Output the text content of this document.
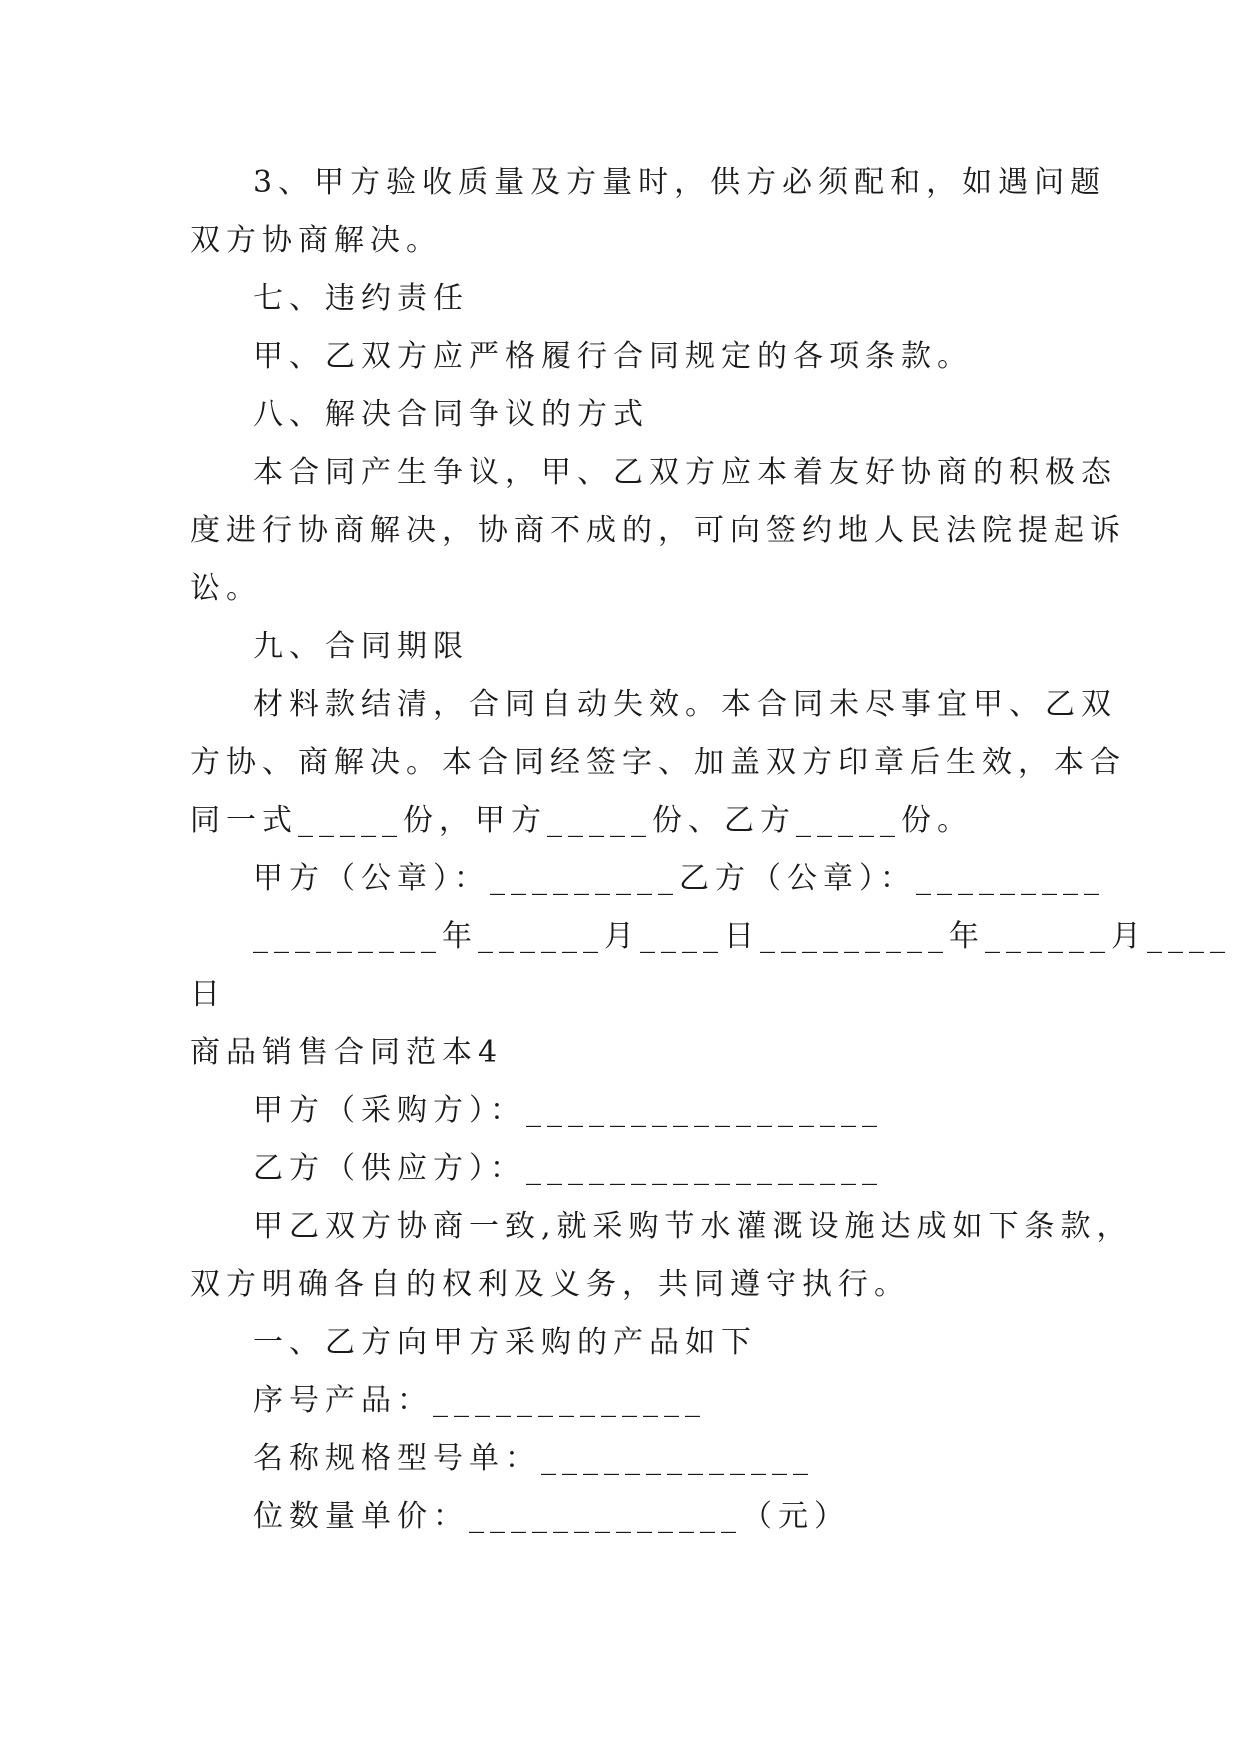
3、甲方验收质量及方量时，供方必须配和，如遇问题
双方协商解决。
七、违约责任
甲、乙双方应严格履行合同规定的各项条款。
八、解决合同争议的方式
本合同产生争议，甲、乙双方应本着友好协商的积极态
度进行协商解决，协商不成的，可向签约地人民法院提起诉
讼。
九、合同期限
材料款结清，合同自动失效。本合同未尽事宜甲、乙双
方协、商解决。本合同经签字、加盖双方印章后生效，本合
同一式_____份，甲方_____份、乙方_____份。
甲方（公章）：_________乙方（公章）：_________
_________年______月____日_________年______月____
日
商品销售合同范本4
甲方（采购方）：_________________
乙方（供应方）：_________________
甲乙双方协商一致,就采购节水灌溉设施达成如下条款，
双方明确各自的权利及义务，共同遵守执行。
一、乙方向甲方采购的产品如下
序号产品：_____________
名称规格型号单：_____________
位数量单价：_____________（元）
